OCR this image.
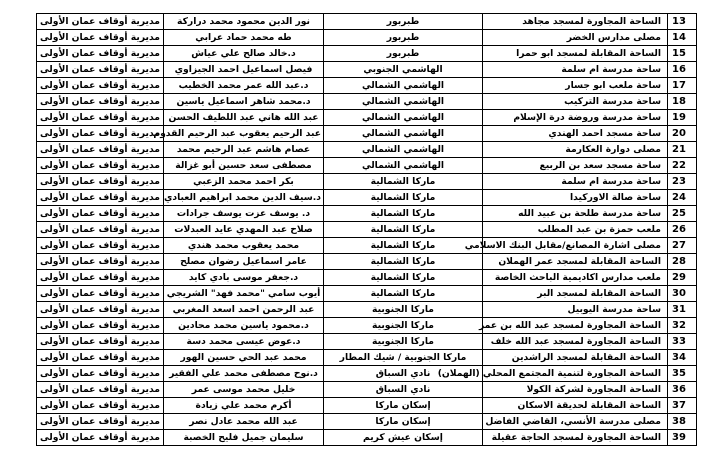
مديرية أوقاف عمان الأولى	نور الدين محمود محمد دراركة	طبربور	الساحة المجاورة لمسجد مجاهد	13
مديرية أوقاف عمان الأولى	طه محمد حماد عرابي	طبربور	مصلى مدارس الخضر	14
مديرية أوقاف عمان الأولى	د.خالد صالح علي عياش	طبربور	الساحة المقابلة لمسجد ابو حمرا	15
مديرية أوقاف عمان الأولى	فيصل اسماعيل احمد الجيزاوي	الهاشمي الجنوبي	ساحة مدرسة ام سلمة	16
مديرية أوقاف عمان الأولى	د.عبد الله عمر محمد الخطيب	الهاشمي الشمالي	ساحة ملعب ابو جسار	17
مديرية أوقاف عمان الأولى	د.محمد شاهر اسماعيل ياسين	الهاشمي الشمالي	ساحة مدرسة التركيب	18
مديرية أوقاف عمان الأولى	عبد الله هاني عبد اللطيف الحسن	الهاشمي الشمالي	ساحة مدرسة وروضة درة الإسلام	19
مديرية أوقاف عمان الأولى	عبد الرحيم يعقوب عبد الرحيم القدوم	الهاشمي الشمالي	ساحة مسجد احمد الهندي	20
مديرية أوقاف عمان الأولى	عصام هاشم عبد الرحيم محمد	الهاشمي الشمالي	مصلى دوارة العكارمة	21
مديرية أوقاف عمان الأولى	مصطفى سعد حسين أبو غزالة	الهاشمي الشمالي	ساحة مسجد سعد بن الربيع	22
مديرية أوقاف عمان الأولى	بكر احمد محمد الزعبي	ماركا الشمالية	ساحة مدرسة ام سلمة	23
مديرية أوقاف عمان الأولى	د.سيف الدين محمد ابراهيم العبادي	ماركا الشمالية	ساحة صالة الاوركيدا	24
مديرية أوقاف عمان الأولى	د. يوسف عزت يوسف جرادات	ماركا الشمالية	ساحة مدرسة طلحة بن عبيد الله	25
مديرية أوقاف عمان الأولى	صلاح عبد المهدي عايد العبدلات	ماركا الشمالية	ملعب حمزة بن عبد المطلب	26
مديرية أوقاف عمان الأولى	محمد يعقوب محمد هندي	ماركا الشمالية	مصلى اشارة المصانع/مقابل البنك الاسلامي	27
مديرية أوقاف عمان الأولى	عامر اسماعيل رضوان مصلح	ماركا الشمالية	الساحة المقابلة لمسجد عمر الهملان	28
مديرية أوقاف عمان الأولى	د.جعفر موسى بادي كايد	ماركا الشمالية	ملعب مدارس اكاديمية الباحث الخاصة	29
مديرية أوقاف عمان الأولى	أيوب سامي "محمد فهد" الشريجي	ماركا الشمالية	الساحة المقابلة لمسجد البر	30
مديرية أوقاف عمان الأولى	عبد الرحمن احمد اسعد المغربي	ماركا الجنوبية	ساحة مدرسة اليوبيل	31
مديرية أوقاف عمان الأولى	د.محمود ياسين محمد محادين	ماركا الجنوبية	الساحة المجاورة لمسجد عبد الله بن عمر	32
مديرية أوقاف عمان الأولى	د.عوض عيسى محمد دسة	ماركا الجنوبية	الساحة المجاورة لمسجد عبد الله خلف	33
مديرية أوقاف عمان الأولى	محمد عبد الحي حسين الهور	ماركا الجنوبية / شيك المطار	الساحة المقابلة لمسجد الراشدين	34
مديرية أوقاف عمان الأولى	د.نوح مصطفى محمد علي الفقير	نادي السباق	الساحة المجاورة لتنمية المجتمع المحلي (الهملان)	35
مديرية أوقاف عمان الأولى	خليل محمد موسى عمر	نادي السباق	الساحة المجاورة لشركة الكولا	36
مديرية أوقاف عمان الأولى	أكرم محمد علي زيادة	إسكان ماركا	الساحة المقابلة لحديقة الاسكان	37
مديرية أوقاف عمان الأولى	عبد الله محمد عادل نصر	إسكان ماركا	مصلى مدرسة الأنسي، القاضي الفاضل	38
مديرية أوقاف عمان الأولى	سليمان جميل فليح الخصبة	إسكان عيش كريم	الساحة المجاورة لمسجد الحاجة عقيلة	39
